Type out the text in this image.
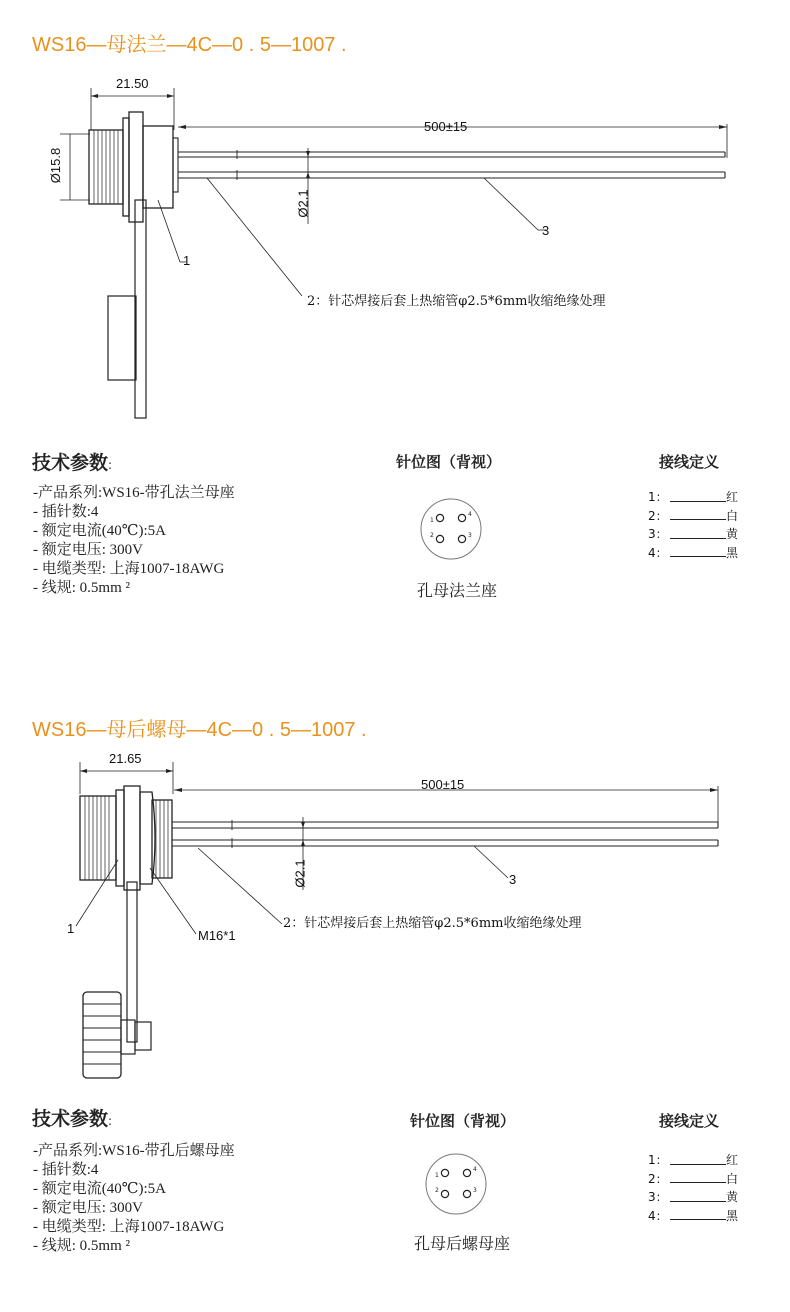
WS16—母法兰—4C—0 . 5—1007 .
21.50
500±15
Ø15.8
Ø2.1
1
3
2：针芯焊接后套上热缩管φ2.5*6mm收缩绝缘处理
技术参数:
-产品系列:WS16-带孔法兰母座
- 插针数:4
- 额定电流(40℃):5A
- 额定电压: 300V
- 电缆类型: 上海1007-18AWG
- 线规: 0.5mm ²
针位图（背视）
1
4
2	3
孔母法兰座
接线定义
1：	红
2：	白
3：	黄
4：	黑
WS16—母后螺母—4C—0 . 5—1007 .
21.65
500±15
Ø2.1
1
3
M16*1
2：针芯焊接后套上热缩管φ2.5*6mm收缩绝缘处理
技术参数:
-产品系列:WS16-带孔后螺母座
- 插针数:4
- 额定电流(40℃):5A
- 额定电压: 300V
- 电缆类型: 上海1007-18AWG
- 线规: 0.5mm ²
针位图（背视）
1
4
2	3
孔母后螺母座
接线定义
1：	红
2：	白
3：	黄
4：	黑
